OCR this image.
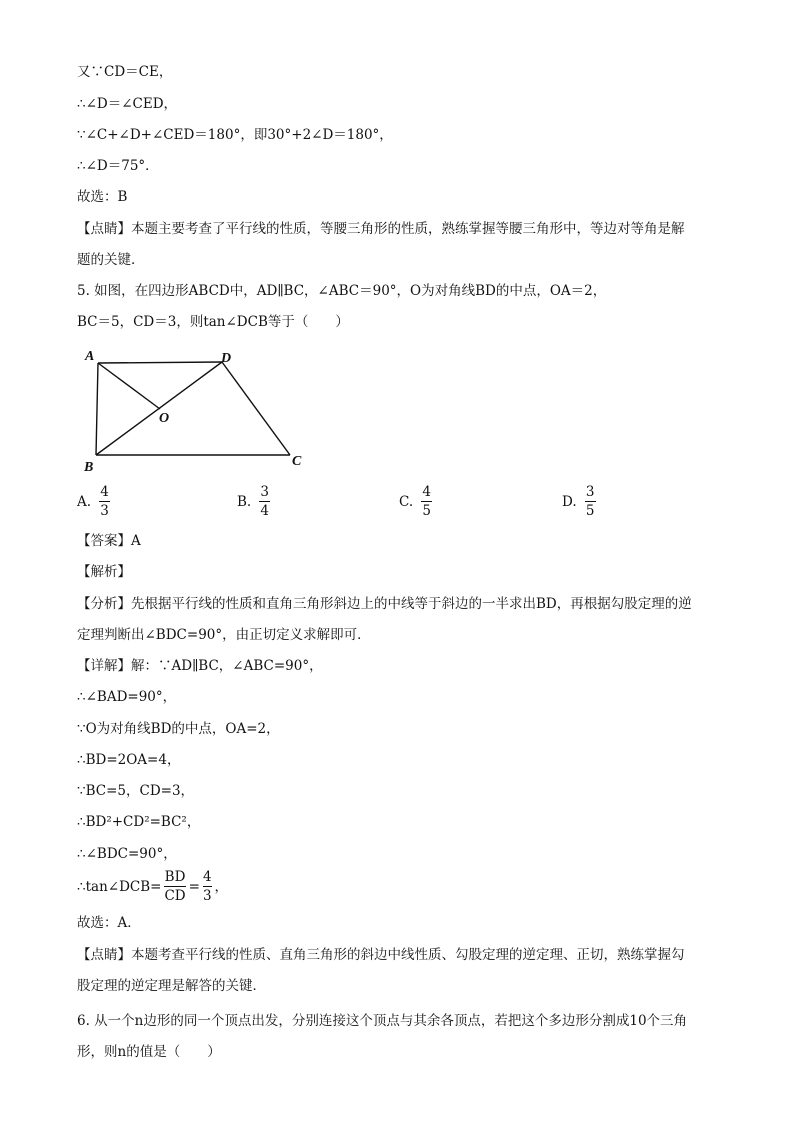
又∵CD＝CE，
∴∠D＝∠CED，
∵∠C+∠D+∠CED＝180°，即30°+2∠D＝180°，
∴∠D＝75°．
故选：B
【点睛】本题主要考查了平行线的性质，等腰三角形的性质，熟练掌握等腰三角形中，等边对等角是解
题的关键．
5. 如图，在四边形ABCD中，AD∥BC，∠ABC＝90°，O为对角线BD的中点，OA＝2，
BC＝5，CD＝3，则tan∠DCB等于（　　）
A	D
O
B	C
A. $\frac{4}{3}$	B. $\frac{3}{4}$	C. $\frac{4}{5}$	D. $\frac{3}{5}$
【答案】A
【解析】
【分析】先根据平行线的性质和直角三角形斜边上的中线等于斜边的一半求出BD，再根据勾股定理的逆
定理判断出∠BDC=90°，由正切定义求解即可．
【详解】解：∵AD∥BC，∠ABC=90°，
∴∠BAD=90°，
∵O为对角线BD的中点，OA=2，
∴BD=2OA=4，
∵BC=5，CD=3，
∴BD²+CD²=BC²，
∴∠BDC=90°，
∴tan∠DCB=
BD
CD
=
4
3
，
故选：A．
【点睛】本题考查平行线的性质、直角三角形的斜边中线性质、勾股定理的逆定理、正切，熟练掌握勾
股定理的逆定理是解答的关键．
6. 从一个n边形的同一个顶点出发，分别连接这个顶点与其余各顶点，若把这个多边形分割成10个三角
形，则n的值是（　　）
